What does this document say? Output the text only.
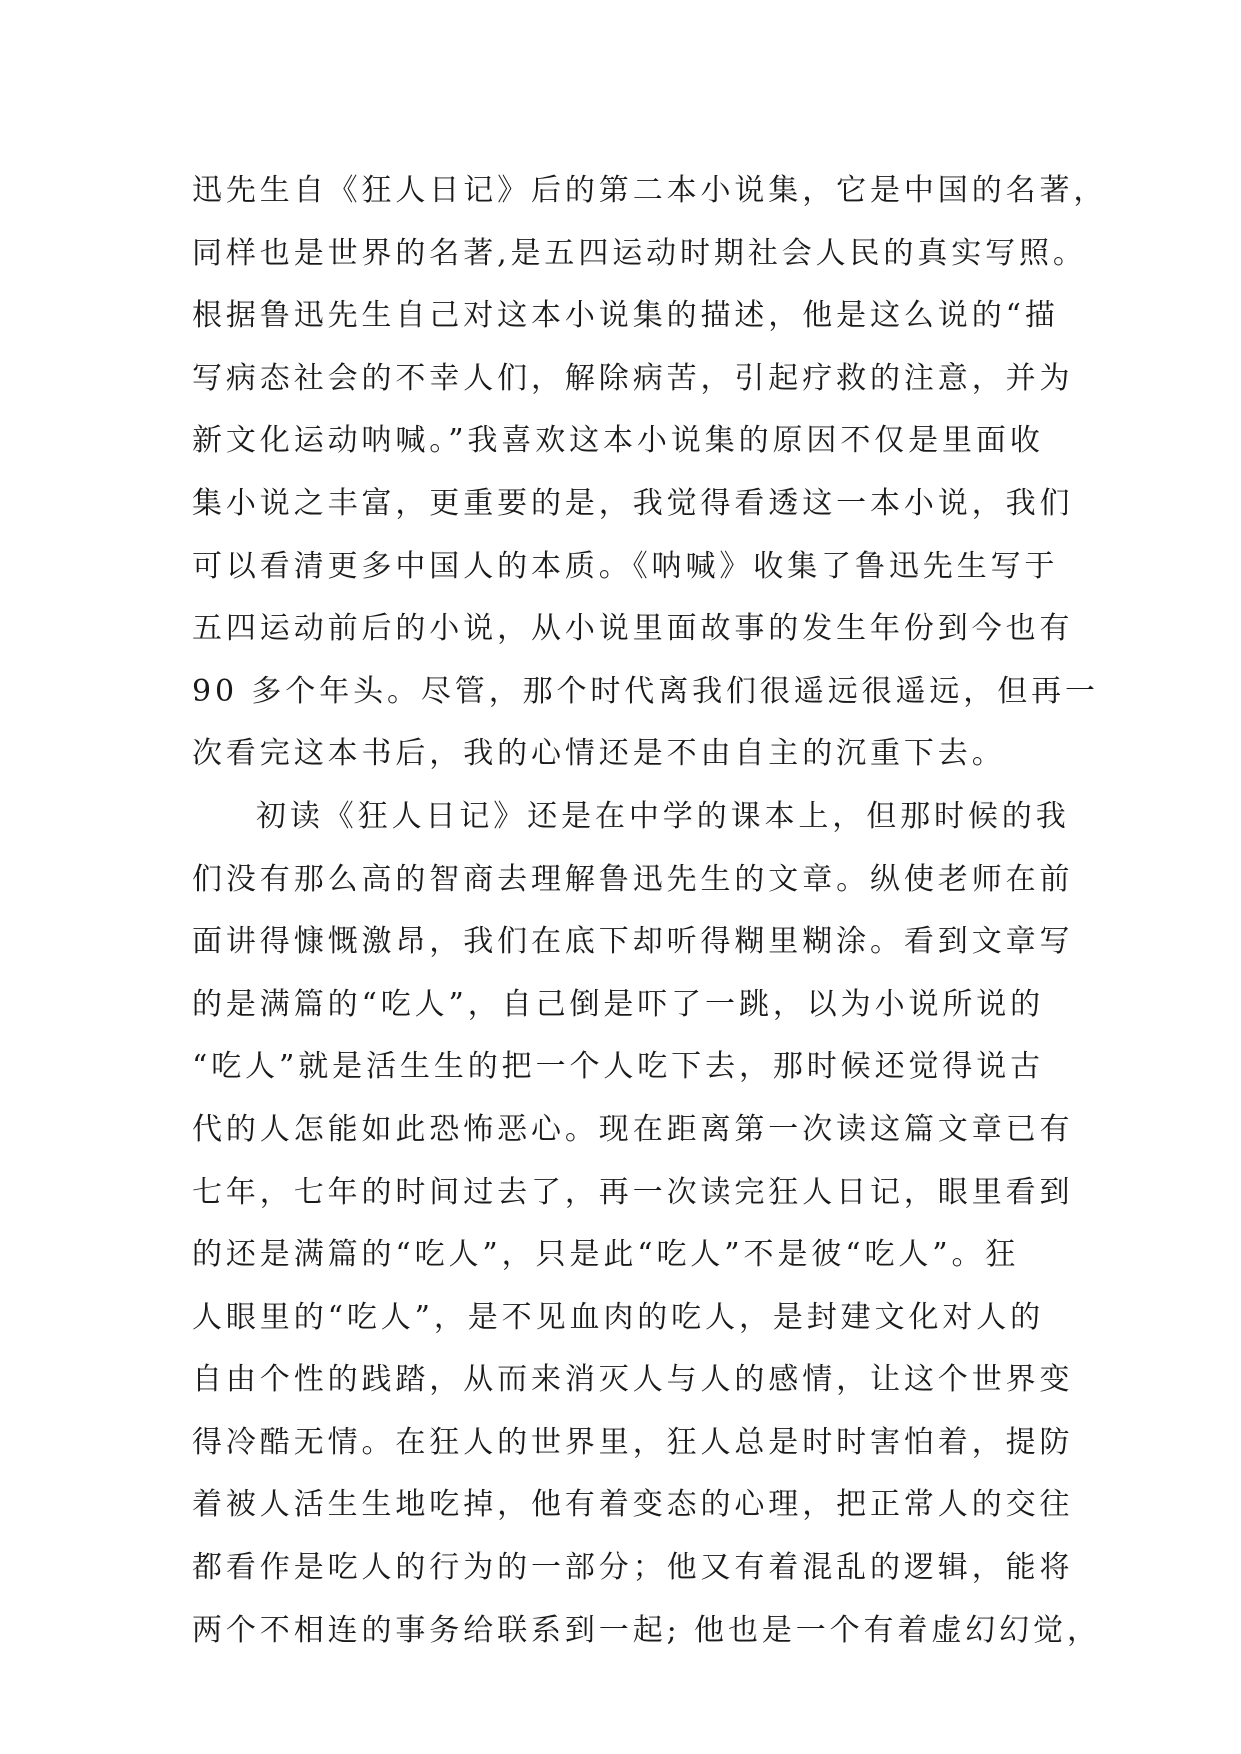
迅先生自《狂人日记》后的第二本小说集，它是中国的名著，
同样也是世界的名著,是五四运动时期社会人民的真实写照。
根据鲁迅先生自己对这本小说集的描述，他是这么说的“描
写病态社会的不幸人们，解除病苦，引起疗救的注意，并为
新文化运动呐喊。”我喜欢这本小说集的原因不仅是里面收
集小说之丰富，更重要的是，我觉得看透这一本小说，我们
可以看清更多中国人的本质。《呐喊》收集了鲁迅先生写于
五四运动前后的小说，从小说里面故事的发生年份到今也有
90 多个年头。尽管，那个时代离我们很遥远很遥远，但再一
次看完这本书后，我的心情还是不由自主的沉重下去。
初读《狂人日记》还是在中学的课本上，但那时候的我
们没有那么高的智商去理解鲁迅先生的文章。纵使老师在前
面讲得慷慨激昂，我们在底下却听得糊里糊涂。看到文章写
的是满篇的“吃人”，自己倒是吓了一跳，以为小说所说的
“吃人”就是活生生的把一个人吃下去，那时候还觉得说古
代的人怎能如此恐怖恶心。现在距离第一次读这篇文章已有
七年，七年的时间过去了，再一次读完狂人日记，眼里看到
的还是满篇的“吃人”，只是此“吃人”不是彼“吃人”。狂
人眼里的“吃人”，是不见血肉的吃人，是封建文化对人的
自由个性的践踏，从而来消灭人与人的感情，让这个世界变
得冷酷无情。在狂人的世界里，狂人总是时时害怕着，提防
着被人活生生地吃掉，他有着变态的心理，把正常人的交往
都看作是吃人的行为的一部分；他又有着混乱的逻辑，能将
两个不相连的事务给联系到一起; 他也是一个有着虚幻幻觉，
